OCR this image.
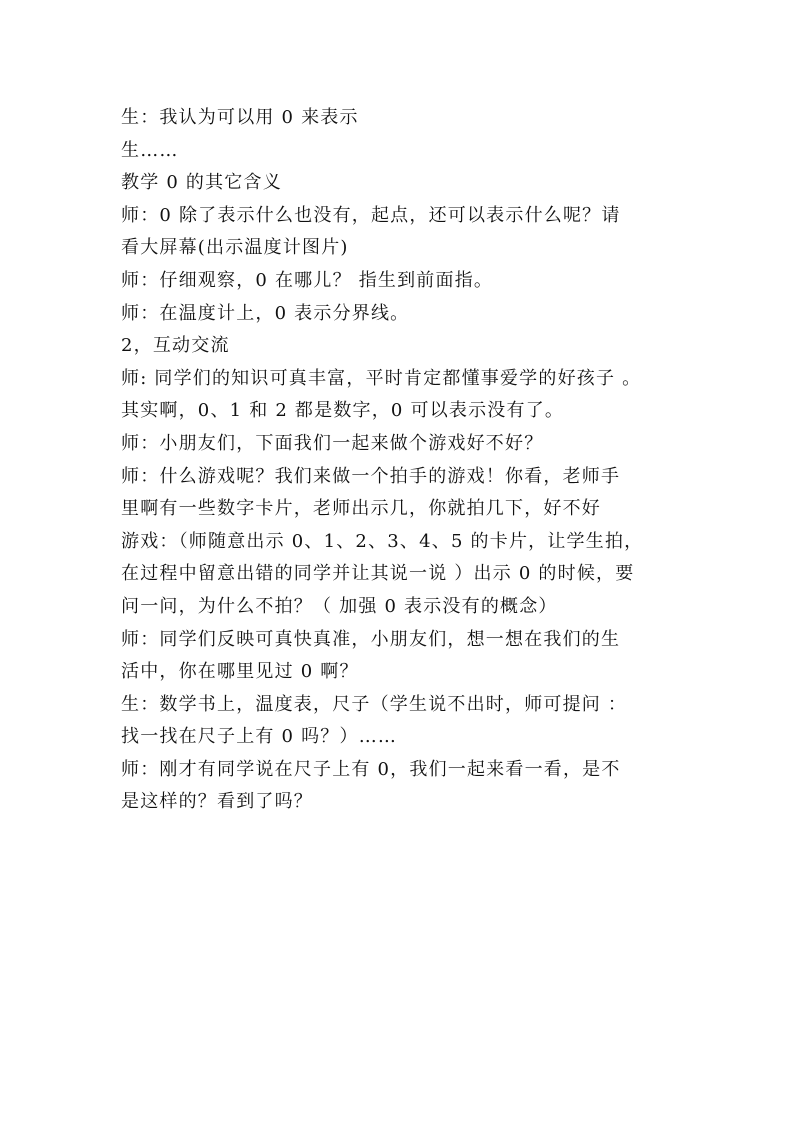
生：我认为可以用 0 来表示
生……
教学 0 的其它含义
师：0 除了表示什么也没有，起点，还可以表示什么呢？请
看大屏幕(出示温度计图片)
师：仔细观察，0 在哪儿？ 指生到前面指。
师：在温度计上，0 表示分界线。
2，互动交流
师: 同学们的知识可真丰富，平时肯定都懂事爱学的好孩子 。
其实啊，0、1 和 2 都是数字，0 可以表示没有了。
师：小朋友们，下面我们一起来做个游戏好不好？
师：什么游戏呢？我们来做一个拍手的游戏！你看，老师手
里啊有一些数字卡片，老师出示几，你就拍几下，好不好
游戏：（师随意出示 0、1、2、3、4、5 的卡片，让学生拍，
在过程中留意出错的同学并让其说一说 ）出示 0 的时候，要
问一问，为什么不拍？（ 加强 0 表示没有的概念）
师：同学们反映可真快真准，小朋友们，想一想在我们的生
活中，你在哪里见过 0 啊？
生：数学书上，温度表，尺子（学生说不出时，师可提问 ：
找一找在尺子上有 0 吗？）……
师：刚才有同学说在尺子上有 0，我们一起来看一看，是不
是这样的？看到了吗？
